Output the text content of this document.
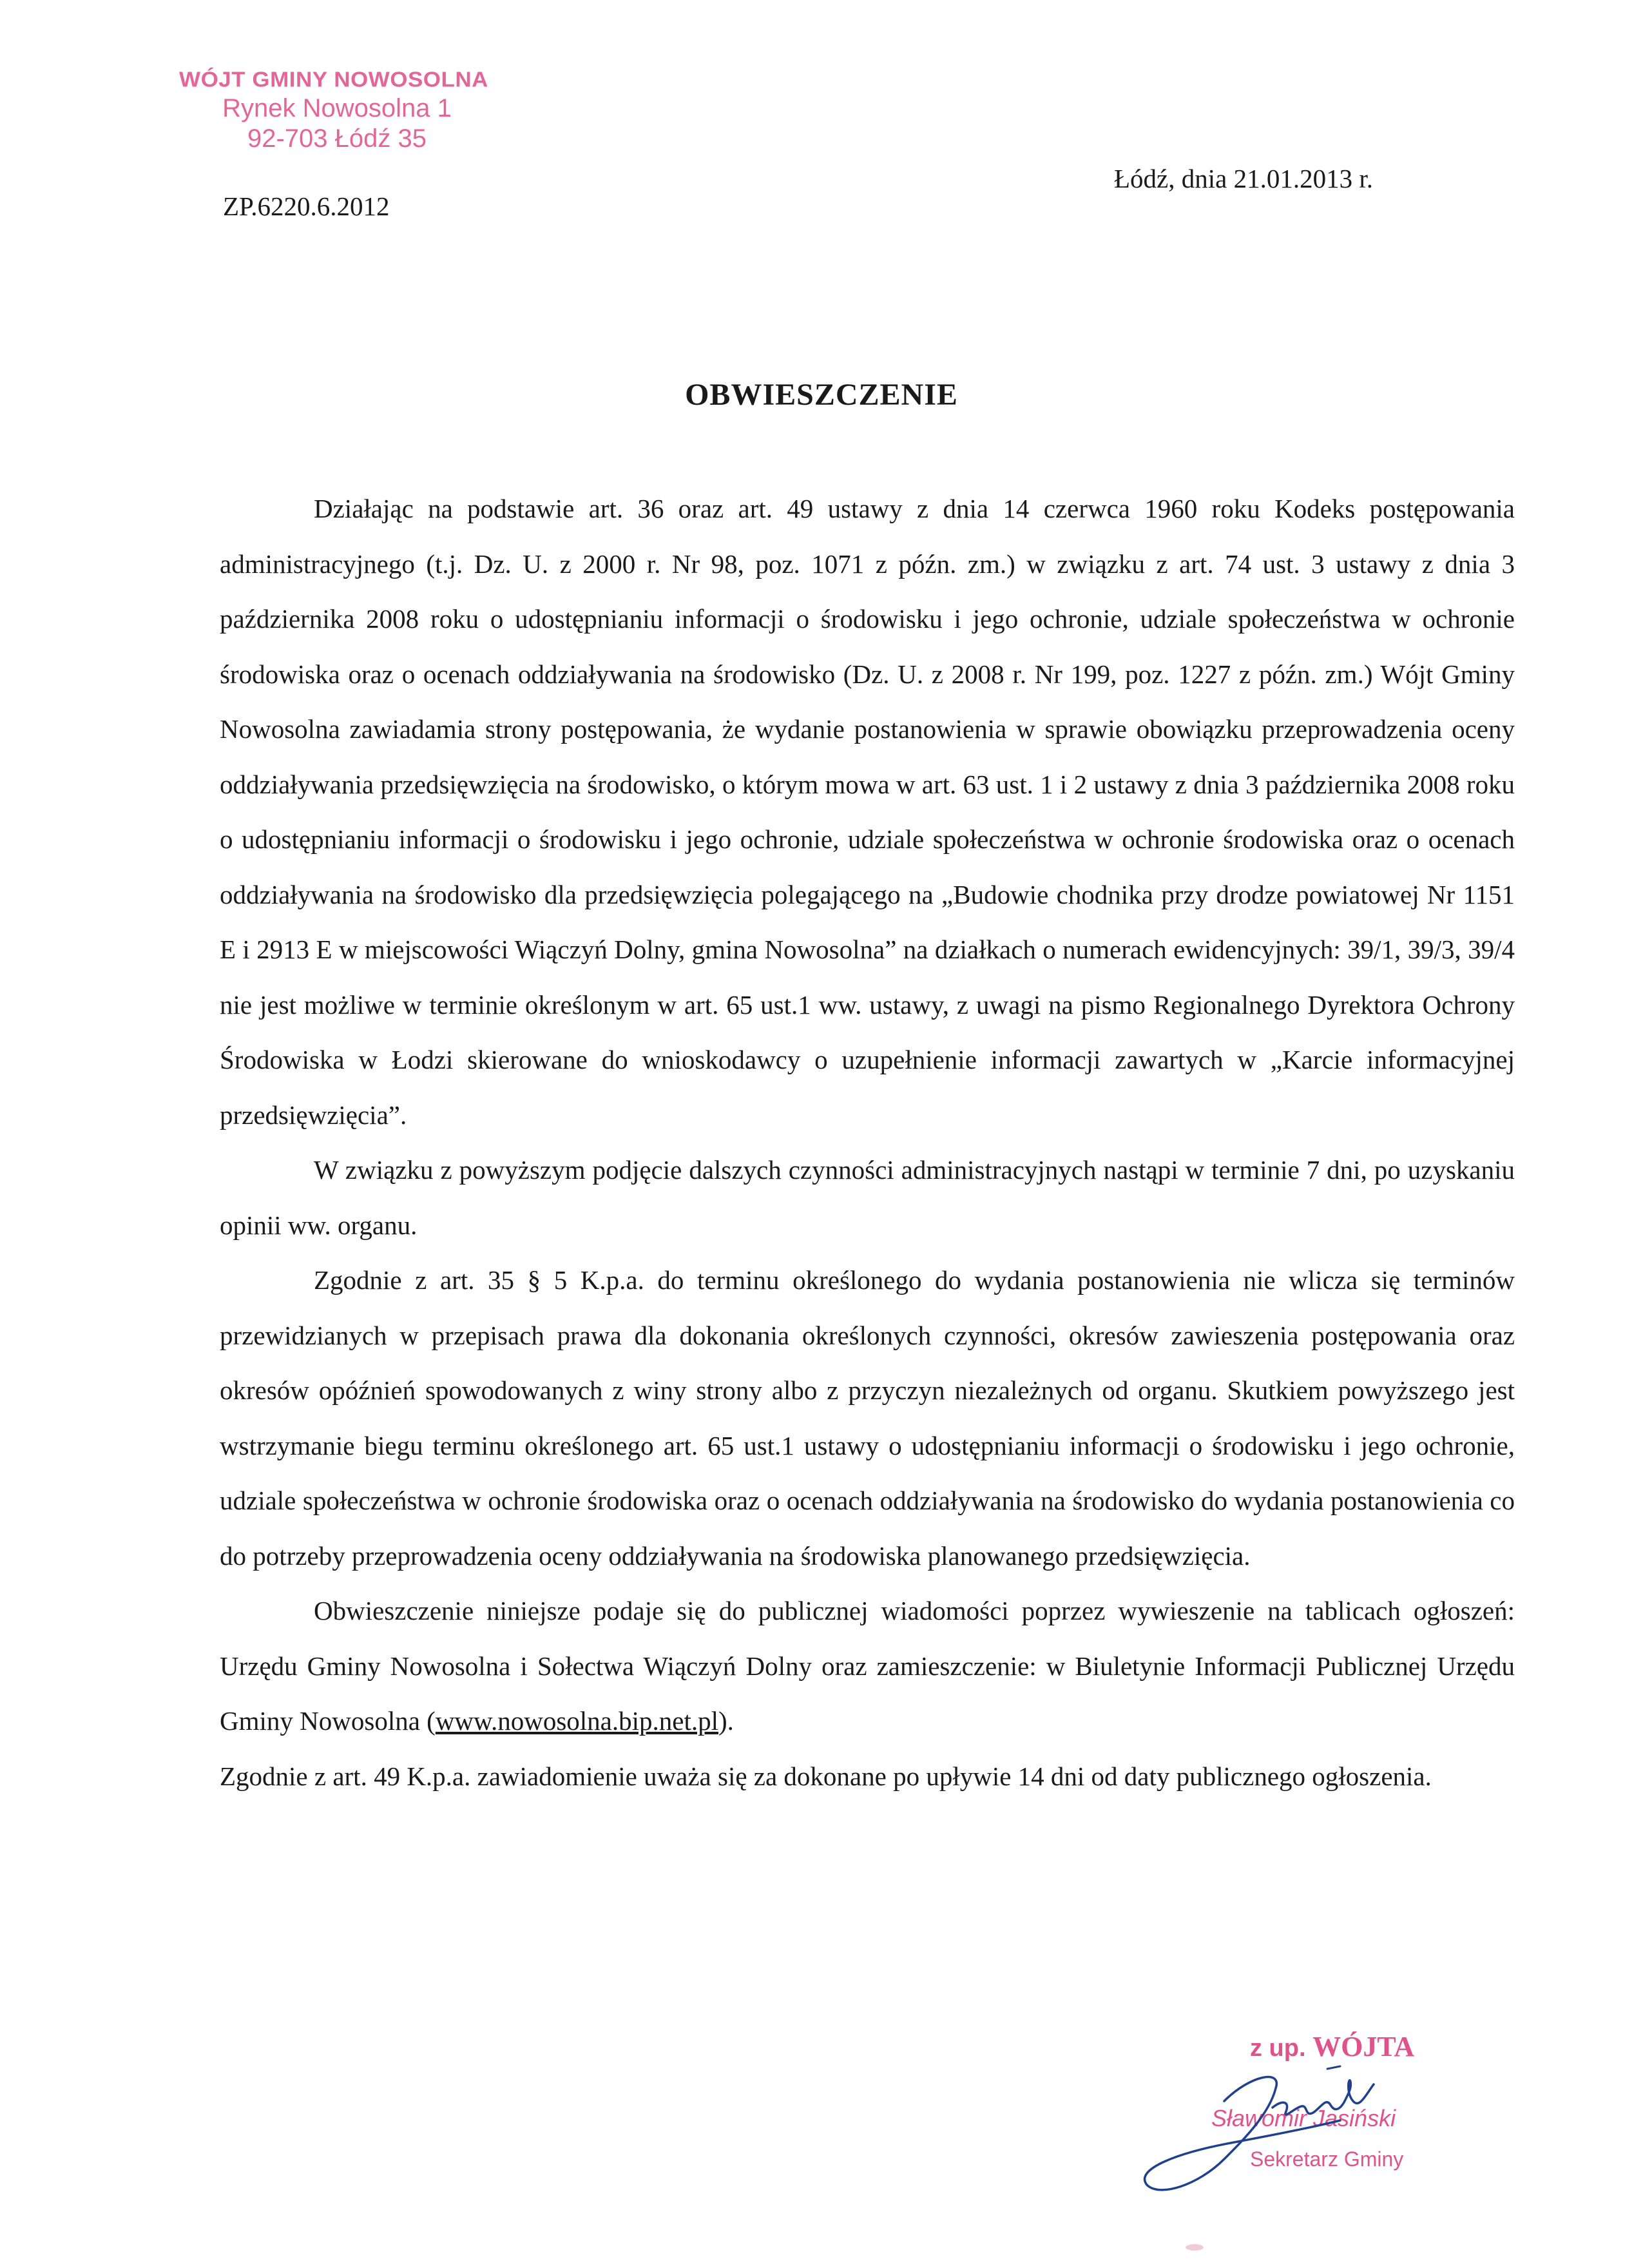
WÓJT GMINY NOWOSOLNA
Rynek Nowosolna 1
92-703 Łódź 35
ZP.6220.6.2012
Łódź, dnia 21.01.2013 r.
OBWIESZCZENIE

Działając na podstawie art. 36 oraz art. 49 ustawy z dnia 14 czerwca 1960 roku Kodeks postępowania administracyjnego (t.j. Dz. U. z 2000 r. Nr 98, poz. 1071 z późn. zm.) w związku z art. 74 ust. 3 ustawy z dnia 3 października 2008 roku o udostępnianiu informacji o środowisku i jego ochronie, udziale społeczeństwa w ochronie środowiska oraz o ocenach oddziaływania na środowisko (Dz. U. z 2008 r. Nr 199, poz. 1227 z późn. zm.) Wójt Gminy Nowosolna zawiadamia strony postępowania, że wydanie postanowienia w sprawie obowiązku przeprowadzenia oceny oddziaływania przedsięwzięcia na środowisko, o którym mowa w art. 63 ust. 1 i 2 ustawy z dnia 3 października 2008 roku o udostępnianiu informacji o środowisku i jego ochronie, udziale społeczeństwa w ochronie środowiska oraz o ocenach oddziaływania na środowisko dla przedsięwzięcia polegającego na „Budowie chodnika przy drodze powiatowej Nr 1151 E i 2913 E w miejscowości Wiączyń Dolny, gmina Nowosolna” na działkach o numerach ewidencyjnych: 39/1, 39/3, 39/4 nie jest możliwe w terminie określonym w art. 65 ust.1 ww. ustawy, z uwagi na pismo Regionalnego Dyrektora Ochrony Środowiska w Łodzi skierowane do wnioskodawcy o uzupełnienie informacji zawartych w „Karcie informacyjnej przedsięwzięcia”.

W związku z powyższym podjęcie dalszych czynności administracyjnych nastąpi w terminie 7 dni, po uzyskaniu opinii ww. organu.

Zgodnie z art. 35 § 5 K.p.a. do terminu określonego do wydania postanowienia nie wlicza się terminów przewidzianych w przepisach prawa dla dokonania określonych czynności, okresów zawieszenia postępowania oraz okresów opóźnień spowodowanych z winy strony albo z przyczyn niezależnych od organu. Skutkiem powyższego jest wstrzymanie biegu terminu określonego art. 65 ust.1 ustawy o udostępnianiu informacji o środowisku i jego ochronie, udziale społeczeństwa w ochronie środowiska oraz o ocenach oddziaływania na środowisko do wydania postanowienia co do potrzeby przeprowadzenia oceny oddziaływania na środowiska planowanego przedsięwzięcia.

Obwieszczenie niniejsze podaje się do publicznej wiadomości poprzez wywieszenie na tablicach ogłoszeń: Urzędu Gminy Nowosolna i Sołectwa Wiączyń Dolny oraz zamieszczenie: w Biuletynie Informacji Publicznej Urzędu Gminy Nowosolna (www.nowosolna.bip.net.pl).

Zgodnie z art. 49 K.p.a. zawiadomienie uważa się za dokonane po upływie 14 dni od daty publicznego ogłoszenia.

z up. WÓJTA
Sławomir Jasiński
Sekretarz Gminy
